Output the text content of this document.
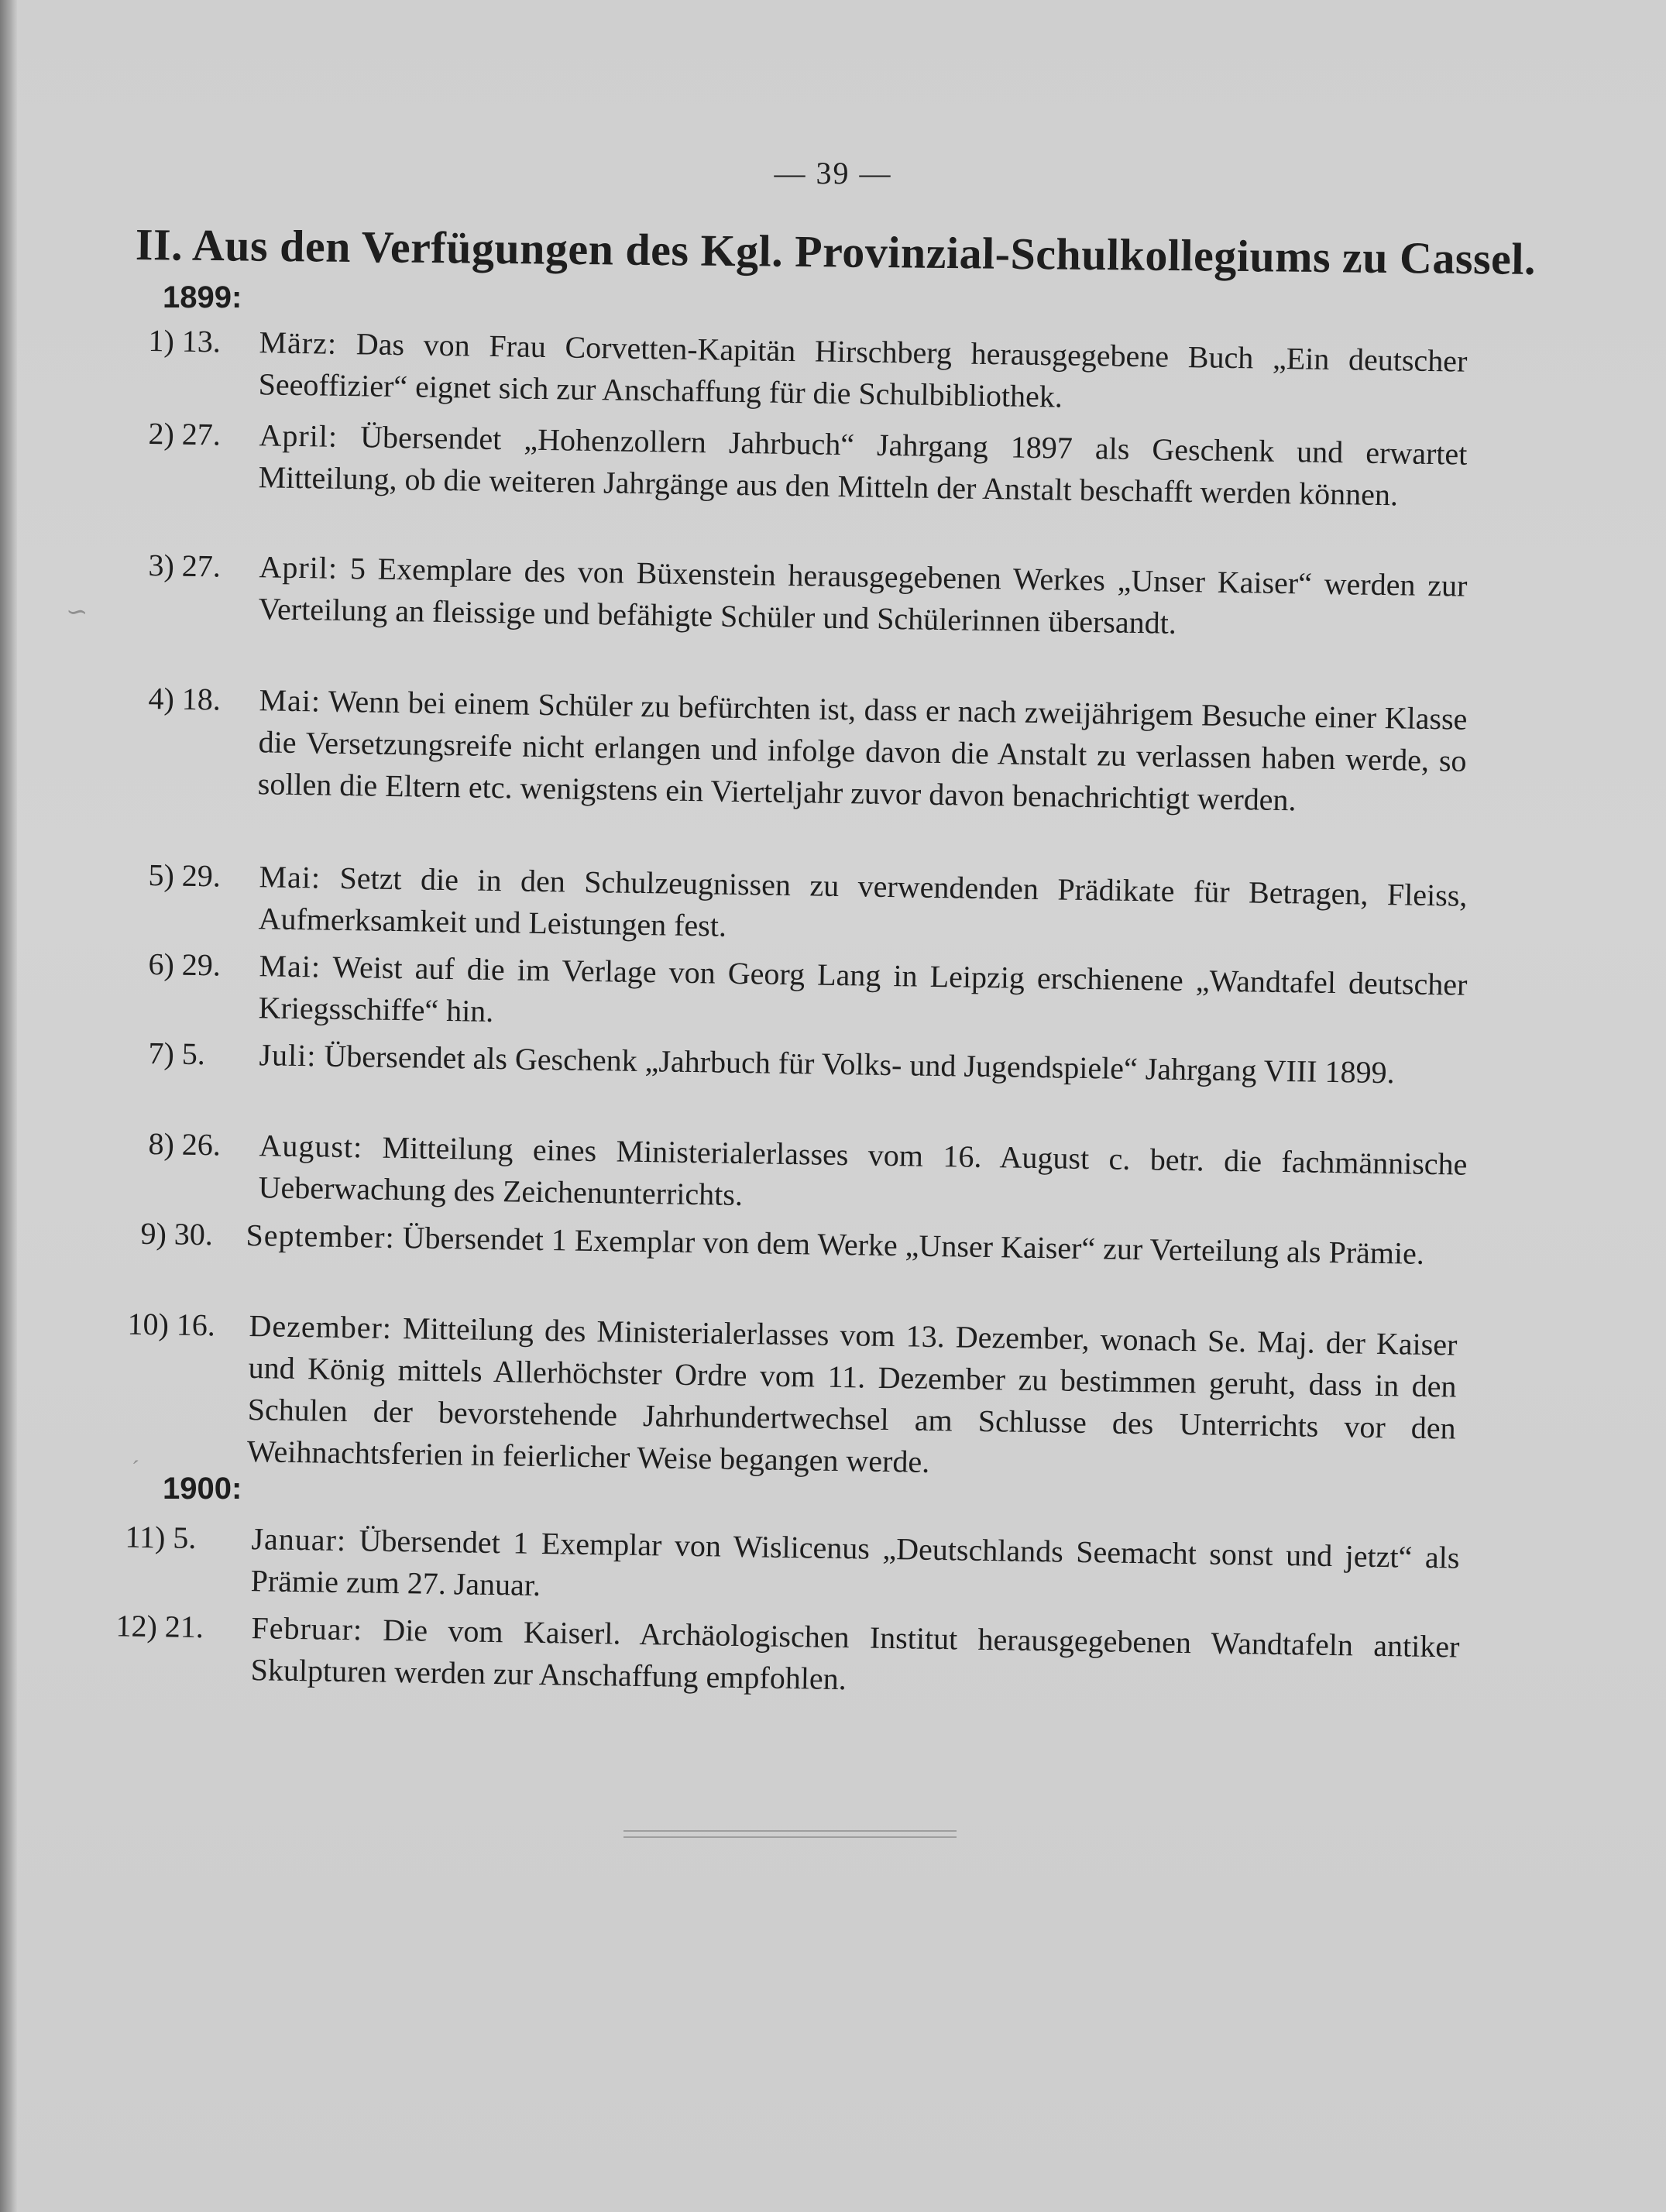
— 39 —
II. Aus den Verfügungen des Kgl. Provinzial-Schulkollegiums zu Cassel.
1899:
1) 13.	März: Das von Frau Corvetten-Kapitän Hirschberg herausgegebene Buch „Ein deutscher Seeoffizier“ eignet sich zur Anschaffung für die Schulbibliothek.
2) 27.	April: Übersendet „Hohenzollern Jahrbuch“ Jahrgang 1897 als Geschenk und erwartet Mitteilung, ob die weiteren Jahrgänge aus den Mitteln der Anstalt beschafft werden können.
3) 27.	April: 5 Exemplare des von Büxenstein herausgegebenen Werkes „Unser Kaiser“ werden zur Verteilung an fleissige und befähigte Schüler und Schülerinnen übersandt.
4) 18.	Mai: Wenn bei einem Schüler zu befürchten ist, dass er nach zweijährigem Besuche einer Klasse die Versetzungsreife nicht erlangen und infolge davon die Anstalt zu verlassen haben werde, so sollen die Eltern etc. wenigstens ein Vierteljahr zuvor davon benachrichtigt werden.
5) 29.	Mai: Setzt die in den Schulzeugnissen zu verwendenden Prädikate für Betragen, Fleiss, Aufmerksamkeit und Leistungen fest.
6) 29.	Mai: Weist auf die im Verlage von Georg Lang in Leipzig erschienene „Wandtafel deutscher Kriegsschiffe“ hin.
7) 5.	Juli: Übersendet als Geschenk „Jahrbuch für Volks- und Jugendspiele“ Jahrgang VIII 1899.
8) 26.	August: Mitteilung eines Ministerialerlasses vom 16. August c. betr. die fachmännische Ueberwachung des Zeichenunterrichts.
9) 30.	September: Übersendet 1 Exemplar von dem Werke „Unser Kaiser“ zur Verteilung als Prämie.
10) 16.	Dezember: Mitteilung des Ministerialerlasses vom 13. Dezember, wonach Se. Maj. der Kaiser und König mittels Allerhöchster Ordre vom 11. Dezember zu bestimmen geruht, dass in den Schulen der bevorstehende Jahrhundertwechsel am Schlusse des Unterrichts vor den Weihnachtsferien in feierlicher Weise begangen werde.
1900:
11) 5.	Januar: Übersendet 1 Exemplar von Wislicenus „Deutschlands Seemacht sonst und jetzt“ als Prämie zum 27. Januar.
12) 21.	Februar: Die vom Kaiserl. Archäologischen Institut herausgegebenen Wandtafeln antiker Skulpturen werden zur Anschaffung empfohlen.
∽
´
